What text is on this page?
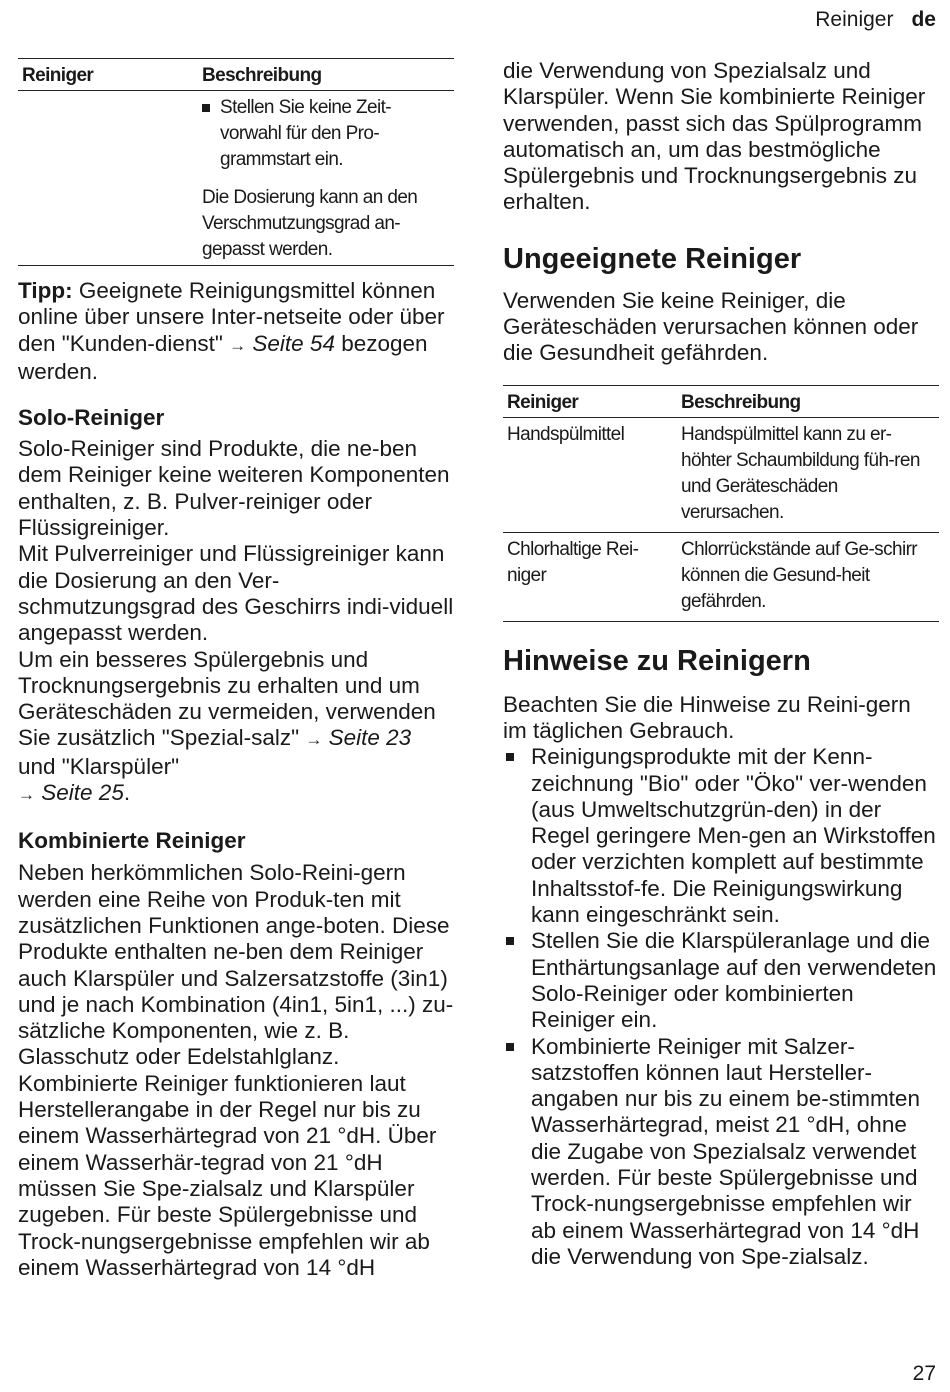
Reiniger de
Reiniger	Beschreibung

	Stellen Sie keine Zeit-vorwahl für den Pro-grammstart ein.

	Die Dosierung kann an den Verschmutzungsgrad an-gepasst werden.

Tipp: Geeignete Reinigungsmittel können online über unsere Inter-netseite oder über den "Kunden-dienst" → Seite 54 bezogen werden.

Solo-Reiniger

Solo-Reiniger sind Produkte, die ne-ben dem Reiniger keine weiteren Komponenten enthalten, z. B. Pulver-reiniger oder Flüssigreiniger.

Mit Pulverreiniger und Flüssigreiniger kann die Dosierung an den Ver-schmutzungsgrad des Geschirrs indi-viduell angepasst werden.

Um ein besseres Spülergebnis und Trocknungsergebnis zu erhalten und um Geräteschäden zu vermeiden, verwenden Sie zusätzlich "Spezial-salz" → Seite 23 und "Klarspüler"
→ Seite 25.

Kombinierte Reiniger

Neben herkömmlichen Solo-Reini-gern werden eine Reihe von Produk-ten mit zusätzlichen Funktionen ange-boten. Diese Produkte enthalten ne-ben dem Reiniger auch Klarspüler und Salzersatzstoffe (3in1) und je nach Kombination (4in1, 5in1, ...) zu-sätzliche Komponenten, wie z. B. Glasschutz oder Edelstahlglanz.

Kombinierte Reiniger funktionieren laut Herstellerangabe in der Regel nur bis zu einem Wasserhärtegrad von 21 °dH. Über einem Wasserhär-tegrad von 21 °dH müssen Sie Spe-zialsalz und Klarspüler zugeben. Für beste Spülergebnisse und Trock-nungsergebnisse empfehlen wir ab einem Wasserhärtegrad von 14 °dH

die Verwendung von Spezialsalz und Klarspüler. Wenn Sie kombinierte Reiniger verwenden, passt sich das Spülprogramm automatisch an, um das bestmögliche Spülergebnis und Trocknungsergebnis zu erhalten.

Ungeeignete Reiniger

Verwenden Sie keine Reiniger, die Geräteschäden verursachen können oder die Gesundheit gefährden.

Reiniger	Beschreibung
Handspülmittel	Handspülmittel kann zu er-höhter Schaumbildung füh-ren und Geräteschäden verursachen.

Chlorhaltige Rei-niger	Chlorrückstände auf Ge-schirr können die Gesund-heit gefährden.
Hinweise zu Reinigern

Beachten Sie die Hinweise zu Reini-gern im täglichen Gebrauch.

Reinigungsprodukte mit der Kenn-zeichnung "Bio" oder "Öko" ver-wenden (aus Umweltschutzgrün-den) in der Regel geringere Men-gen an Wirkstoffen oder verzichten komplett auf bestimmte Inhaltsstof-fe. Die Reinigungswirkung kann eingeschränkt sein.
Stellen Sie die Klarspüleranlage und die Enthärtungsanlage auf den verwendeten Solo-Reiniger oder kombinierten Reiniger ein.
Kombinierte Reiniger mit Salzer-satzstoffen können laut Hersteller-angaben nur bis zu einem be-stimmten Wasserhärtegrad, meist 21 °dH, ohne die Zugabe von Spezialsalz verwendet werden. Für beste Spülergebnisse und Trock-nungsergebnisse empfehlen wir ab einem Wasserhärtegrad von 14 °dH die Verwendung von Spe-zialsalz.
27
